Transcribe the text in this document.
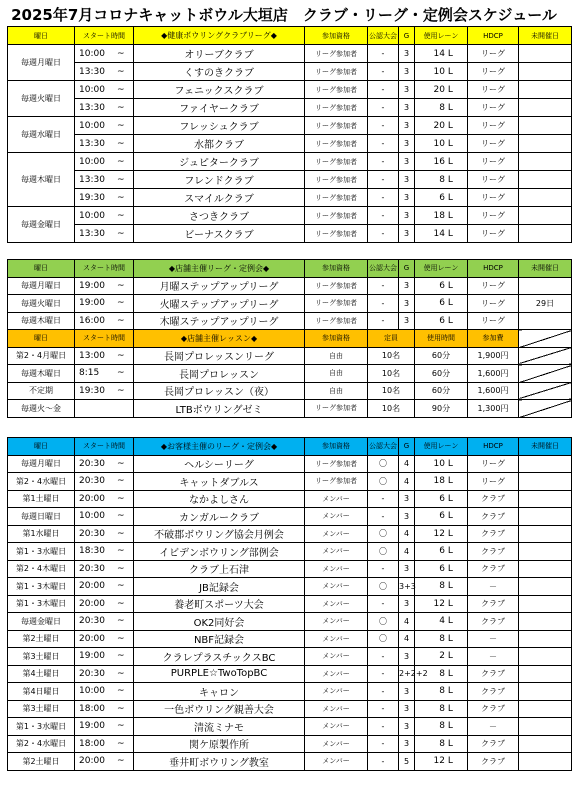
2025年7月コロナキャットボウル大垣店　クラブ・リーグ・定例会スケジュール
曜日	スタート時間	◆健康ボウリングクラブリーグ◆	参加資格	公認大会	G	使用レーン	HDCP	未開催日
毎週月曜日	10:00 ~	オリーブクラブ	リーグ参加者	-	3	14 L	リーグ	
	13:30 ~	くすのきクラブ	リーグ参加者	-	3	10 L	リーグ	
毎週火曜日	10:00 ~	フェニックスクラブ	リーグ参加者	-	3	20 L	リーグ	
	13:30 ~	ファイヤークラブ	リーグ参加者	-	3	8 L	リーグ	
毎週水曜日	10:00 ~	フレッシュクラブ	リーグ参加者	-	3	20 L	リーグ	
	13:30 ~	水都クラブ	リーグ参加者	-	3	10 L	リーグ	
毎週木曜日	10:00 ~	ジュピタークラブ	リーグ参加者	-	3	16 L	リーグ	
	13:30 ~	フレンドクラブ	リーグ参加者	-	3	8 L	リーグ	
	19:30 ~	スマイルクラブ	リーグ参加者	-	3	6 L	リーグ	
毎週金曜日	10:00 ~	さつきクラブ	リーグ参加者	-	3	18 L	リーグ	
	13:30 ~	ビーナスクラブ	リーグ参加者	-	3	14 L	リーグ	
曜日	スタート時間	◆店舗主催リーグ・定例会◆	参加資格	公認大会	G	使用レーン	HDCP	未開催日
毎週月曜日	19:00 ~	月曜ステップアップリーグ	リーグ参加者	-	3	6 L	リーグ	
毎週火曜日	19:00 ~	火曜ステップアップリーグ	リーグ参加者	-	3	6 L	リーグ	29日
毎週木曜日	16:00 ~	木曜ステップアップリーグ	リーグ参加者	-	3	6 L	リーグ	
曜日	スタート時間	◆店舗主催レッスン◆	参加資格	定員		使用時間	参加費	
第2・4月曜日	13:00 ~	長岡プロレッスンリーグ	自由	10名		60分	1,900円	
毎週木曜日	8:15 ~	長岡プロレッスン	自由	10名		60分	1,600円	
不定期	19:30 ~	長岡プロレッスン（夜）	自由	10名		60分	1,600円	
毎週火～金		LTBボウリングゼミ	リーグ参加者	10名		90分	1,300円	
曜日	スタート時間	◆お客様主催のリーグ・定例会◆	参加資格	公認大会	G	使用レーン	HDCP	未開催日
毎週月曜日	20:30 ~	ヘルシーリーグ	リーグ参加者	〇	4	10 L	リーグ	
第2・4水曜日	20:30 ~	キャットダブルス	リーグ参加者	〇	4	18 L	リーグ	
第1土曜日	20:00 ~	なかよしさん	メンバー	-	3	6 L	クラブ	
毎週日曜日	10:00 ~	カンガルークラブ	メンバー	-	3	6 L	クラブ	
第1水曜日	20:30 ~	不破郡ボウリング協会月例会	メンバー	〇	4	12 L	クラブ	
第1・3水曜日	18:30 ~	イビデンボウリング部例会	メンバー	〇	4	6 L	クラブ	
第2・4木曜日	20:30 ~	クラブ上石津	メンバー	-	3	6 L	クラブ	
第1・3木曜日	20:00 ~	JB記録会	メンバー	〇	3+3	8 L	－	
第1・3木曜日	20:00 ~	養老町スポーツ大会	メンバー	-	3	12 L	クラブ	
毎週金曜日	20:30 ~	OK2同好会	メンバー	〇	4	4 L	クラブ	
第2土曜日	20:00 ~	NBF記録会	メンバー	〇	4	8 L	－	
第3土曜日	19:00 ~	クラレプラスチックスBC	メンバー	-	3	2 L	－	
第4土曜日	20:30 ~	PURPLE☆TwoTopBC	メンバー	-	2+2+2	8 L	クラブ	
第4日曜日	10:00 ~	キャロン	メンバー	-	3	8 L	クラブ	
第3土曜日	18:00 ~	一色ボウリング親善大会	メンバー	-	3	8 L	クラブ	
第1・3水曜日	19:00 ~	清流ミナモ	メンバー	-	3	8 L	－	
第2・4水曜日	18:00 ~	関ケ原製作所	メンバー	-	3	8 L	クラブ	
第2土曜日	20:00 ~	垂井町ボウリング教室	メンバー	-	5	12 L	クラブ	
